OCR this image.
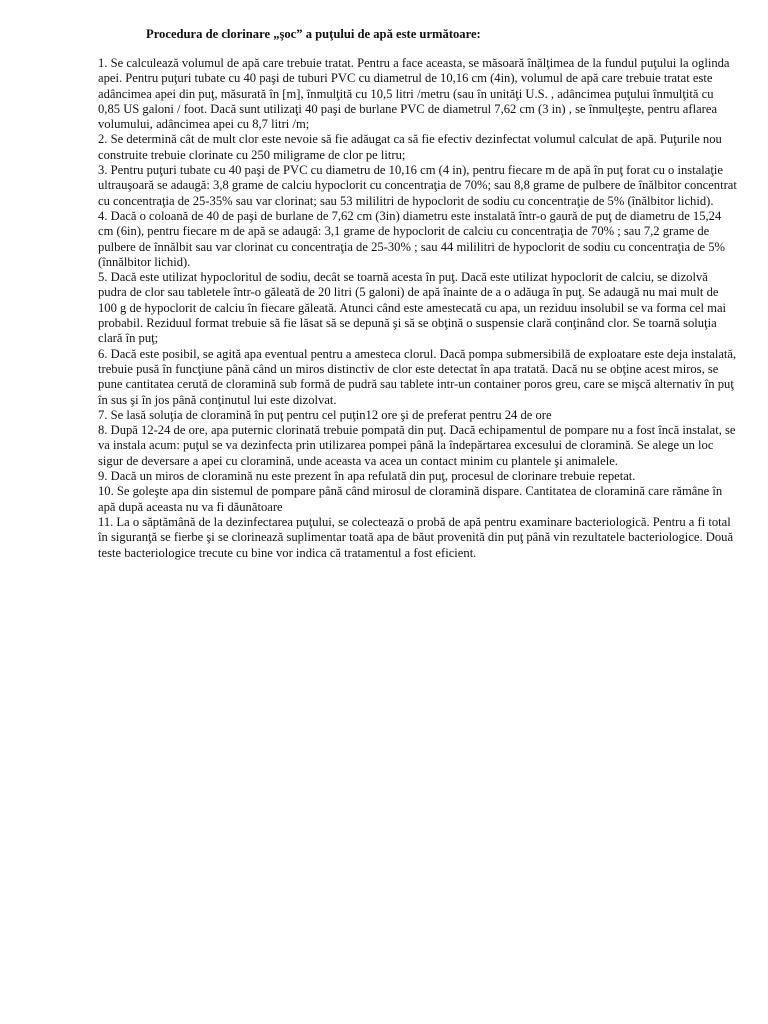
Procedura de clorinare „şoc” a puţului de apă este următoare:

1. Se calculează volumul de apă care trebuie tratat. Pentru a face aceasta, se măsoară înălţimea de la fundul puţului la oglinda apei. Pentru puţuri tubate cu 40 paşi de tuburi PVC cu diametrul de 10,16 cm (4in), volumul de apă care trebuie tratat este adâncimea apei din puţ, măsurată în [m], înmulţită cu 10,5 litri /metru (sau în unităţi U.S. , adâncimea puţului înmulţită cu 0,85 US galoni / foot. Dacă sunt utilizaţi 40 paşi de burlane PVC de diametrul 7,62 cm (3 in) , se înmulţeşte, pentru aflarea volumului, adâncimea apei cu 8,7 litri /m;

2. Se determină cât de mult clor este nevoie să fie adăugat ca să fie efectiv dezinfectat volumul calculat de apă. Puţurile nou construite trebuie clorinate cu 250 miligrame de clor pe litru;

3. Pentru puţuri tubate cu 40 paşi de PVC cu diametru de 10,16 cm (4 in), pentru fiecare m de apă în puţ forat cu o instalaţie ultrauşoară se adaugă: 3,8 grame de calciu hypoclorit cu concentraţia de 70%; sau 8,8 grame de pulbere de înălbitor concentrat cu concentraţia de 25-35% sau var clorinat; sau 53 mililitri de hypoclorit de sodiu cu concentraţie de 5% (înălbitor lichid).

4. Dacă o coloană de 40 de paşi de burlane de 7,62 cm (3in) diametru este instalată într-o gaură de puţ de diametru de 15,24 cm (6in), pentru fiecare m de apă se adaugă: 3,1 grame de hypoclorit de calciu cu concentraţia de 70% ; sau 7,2 grame de pulbere de înnălbit sau var clorinat cu concentraţia de 25-30% ; sau 44 mililitri de hypoclorit de sodiu cu concentraţia de 5% (înnălbitor lichid).

5. Dacă este utilizat hypocloritul de sodiu, decât se toarnă acesta în puţ. Dacă este utilizat hypoclorit de calciu, se dizolvă pudra de clor sau tabletele într-o găleată de 20 litri (5 galoni) de apă înainte de a o adăuga în puţ. Se adaugă nu mai mult de 100 g de hypoclorit de calciu în fiecare găleată. Atunci când este amestecată cu apa, un reziduu insolubil se va forma cel mai probabil. Reziduul format trebuie să fie lăsat să se depună şi să se obţină o suspensie clară conţinând clor. Se toarnă soluţia clară în puţ;

6. Dacă este posibil, se agită apa eventual pentru a amesteca clorul. Dacă pompa submersibilă de exploatare este deja instalată, trebuie pusă în funcţiune până când un miros distinctiv de clor este detectat în apa tratată. Dacă nu se obţine acest miros, se pune cantitatea cerută de cloramină sub formă de pudră sau tablete intr-un container poros greu, care se mişcă alternativ în puţ în sus şi în jos până conţinutul lui este dizolvat.

7. Se lasă soluţia de cloramină în puţ pentru cel puţin12 ore şi de preferat pentru 24 de ore

8. După 12-24 de ore, apa puternic clorinată trebuie pompată din puţ. Dacă echipamentul de pompare nu a fost încă instalat, se va instala acum: puţul se va dezinfecta prin utilizarea pompei până la îndepărtarea excesului de cloramină. Se alege un loc sigur de deversare a apei cu cloramină, unde aceasta va acea un contact minim cu plantele şi animalele.

9. Dacă un miros de cloramină nu este prezent în apa refulată din puţ, procesul de clorinare trebuie repetat.

10. Se goleşte apa din sistemul de pompare până când mirosul de cloramină dispare. Cantitatea de cloramină care rămâne în apă după aceasta nu va fi dăunătoare

11. La o săptămână de la dezinfectarea puţului, se colectează o probă de apă pentru examinare bacteriologică. Pentru a fi total în siguranţă se fierbe şi se clorinează suplimentar toată apa de băut provenită din puţ până vin rezultatele bacteriologice. Două teste bacteriologice trecute cu bine vor indica că tratamentul a fost eficient.
